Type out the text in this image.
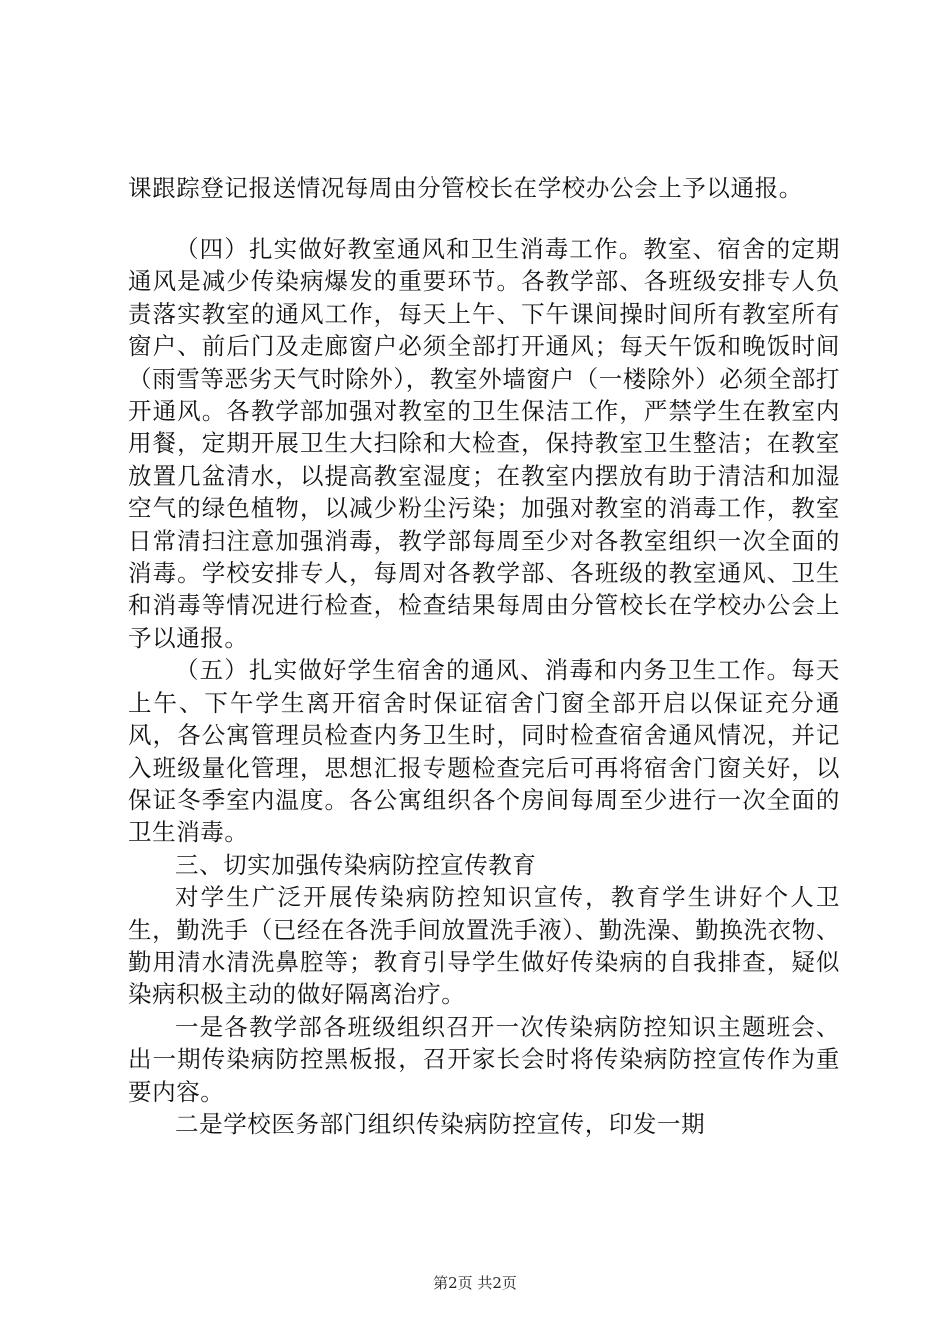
课跟踪登记报送情况每周由分管校长在学校办公会上予以通报。

（四）扎实做好教室通风和卫生消毒工作。教室、宿舍的定期通风是减少传染病爆发的重要环节。各教学部、各班级安排专人负责落实教室的通风工作，每天上午、下午课间操时间所有教室所有窗户、前后门及走廊窗户必须全部打开通风；每天午饭和晚饭时间（雨雪等恶劣天气时除外），教室外墙窗户（一楼除外）必须全部打开通风。各教学部加强对教室的卫生保洁工作，严禁学生在教室内用餐，定期开展卫生大扫除和大检查，保持教室卫生整洁；在教室放置几盆清水，以提高教室湿度；在教室内摆放有助于清洁和加湿空气的绿色植物，以减少粉尘污染；加强对教室的消毒工作，教室日常清扫注意加强消毒，教学部每周至少对各教室组织一次全面的消毒。学校安排专人，每周对各教学部、各班级的教室通风、卫生和消毒等情况进行检查，检查结果每周由分管校长在学校办公会上予以通报。

（五）扎实做好学生宿舍的通风、消毒和内务卫生工作。每天上午、下午学生离开宿舍时保证宿舍门窗全部开启以保证充分通风，各公寓管理员检查内务卫生时，同时检查宿舍通风情况，并记入班级量化管理，思想汇报专题检查完后可再将宿舍门窗关好，以保证冬季室内温度。各公寓组织各个房间每周至少进行一次全面的卫生消毒。

三、切实加强传染病防控宣传教育

对学生广泛开展传染病防控知识宣传，教育学生讲好个人卫生，勤洗手（已经在各洗手间放置洗手液）、勤洗澡、勤换洗衣物、勤用清水清洗鼻腔等；教育引导学生做好传染病的自我排查，疑似染病积极主动的做好隔离治疗。

一是各教学部各班级组织召开一次传染病防控知识主题班会、出一期传染病防控黑板报，召开家长会时将传染病防控宣传作为重要内容。

二是学校医务部门组织传染病防控宣传，印发一期

第2页 共2页
